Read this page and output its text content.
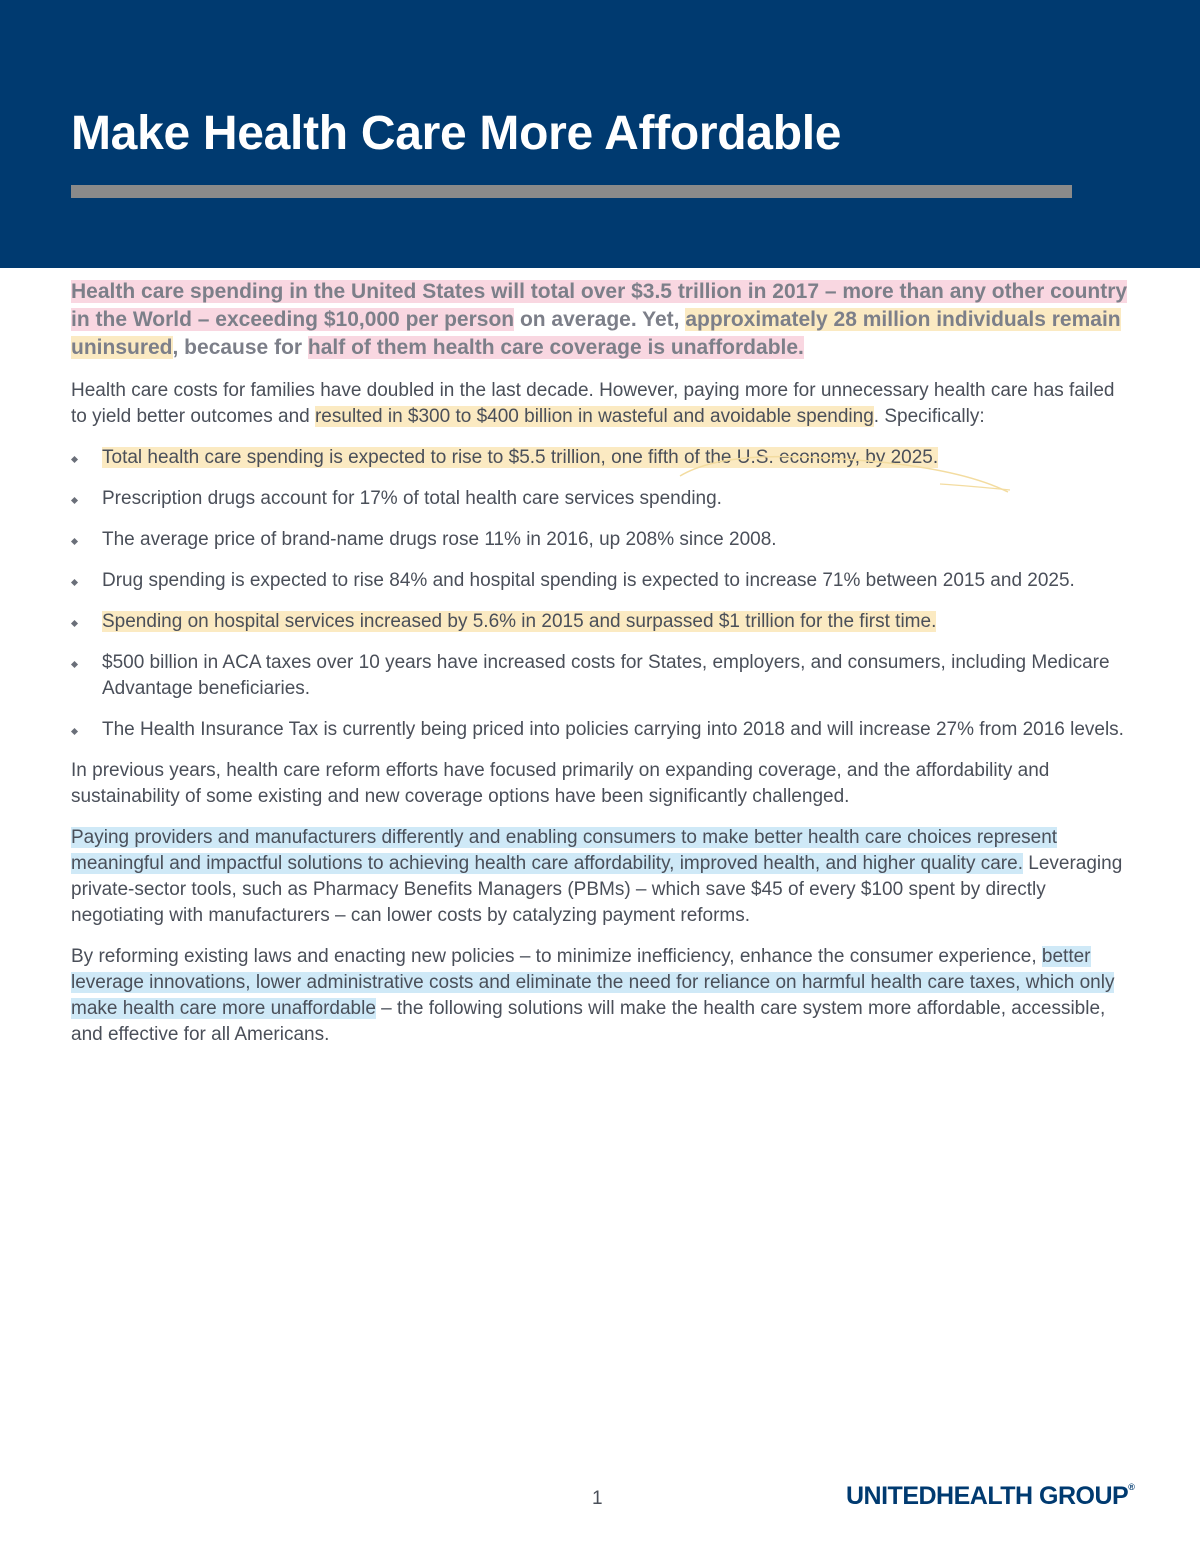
Make Health Care More Affordable

Health care spending in the United States will total over $3.5 trillion in 2017 – more than any other country in the World – exceeding $10,000 per person on average. Yet, approximately 28 million individuals remain uninsured, because for half of them health care coverage is unaffordable.

Health care costs for families have doubled in the last decade. However, paying more for unnecessary health care has failed to yield better outcomes and resulted in $300 to $400 billion in wasteful and avoidable spending. Specifically:

Total health care spending is expected to rise to $5.5 trillion, one fifth of the U.S. economy, by 2025.
Prescription drugs account for 17% of total health care services spending.
The average price of brand-name drugs rose 11% in 2016, up 208% since 2008.
Drug spending is expected to rise 84% and hospital spending is expected to increase 71% between 2015 and 2025.
Spending on hospital services increased by 5.6% in 2015 and surpassed $1 trillion for the first time.
$500 billion in ACA taxes over 10 years have increased costs for States, employers, and consumers, including Medicare Advantage beneficiaries.
The Health Insurance Tax is currently being priced into policies carrying into 2018 and will increase 27% from 2016 levels.

In previous years, health care reform efforts have focused primarily on expanding coverage, and the affordability and sustainability of some existing and new coverage options have been significantly challenged.

Paying providers and manufacturers differently and enabling consumers to make better health care choices represent meaningful and impactful solutions to achieving health care affordability, improved health, and higher quality care. Leveraging private-sector tools, such as Pharmacy Benefits Managers (PBMs) – which save $45 of every $100 spent by directly negotiating with manufacturers – can lower costs by catalyzing payment reforms.

By reforming existing laws and enacting new policies – to minimize inefficiency, enhance the consumer experience, better leverage innovations, lower administrative costs and eliminate the need for reliance on harmful health care taxes, which only make health care more unaffordable – the following solutions will make the health care system more affordable, accessible, and effective for all Americans.

1	UNITEDHEALTH GROUP®
